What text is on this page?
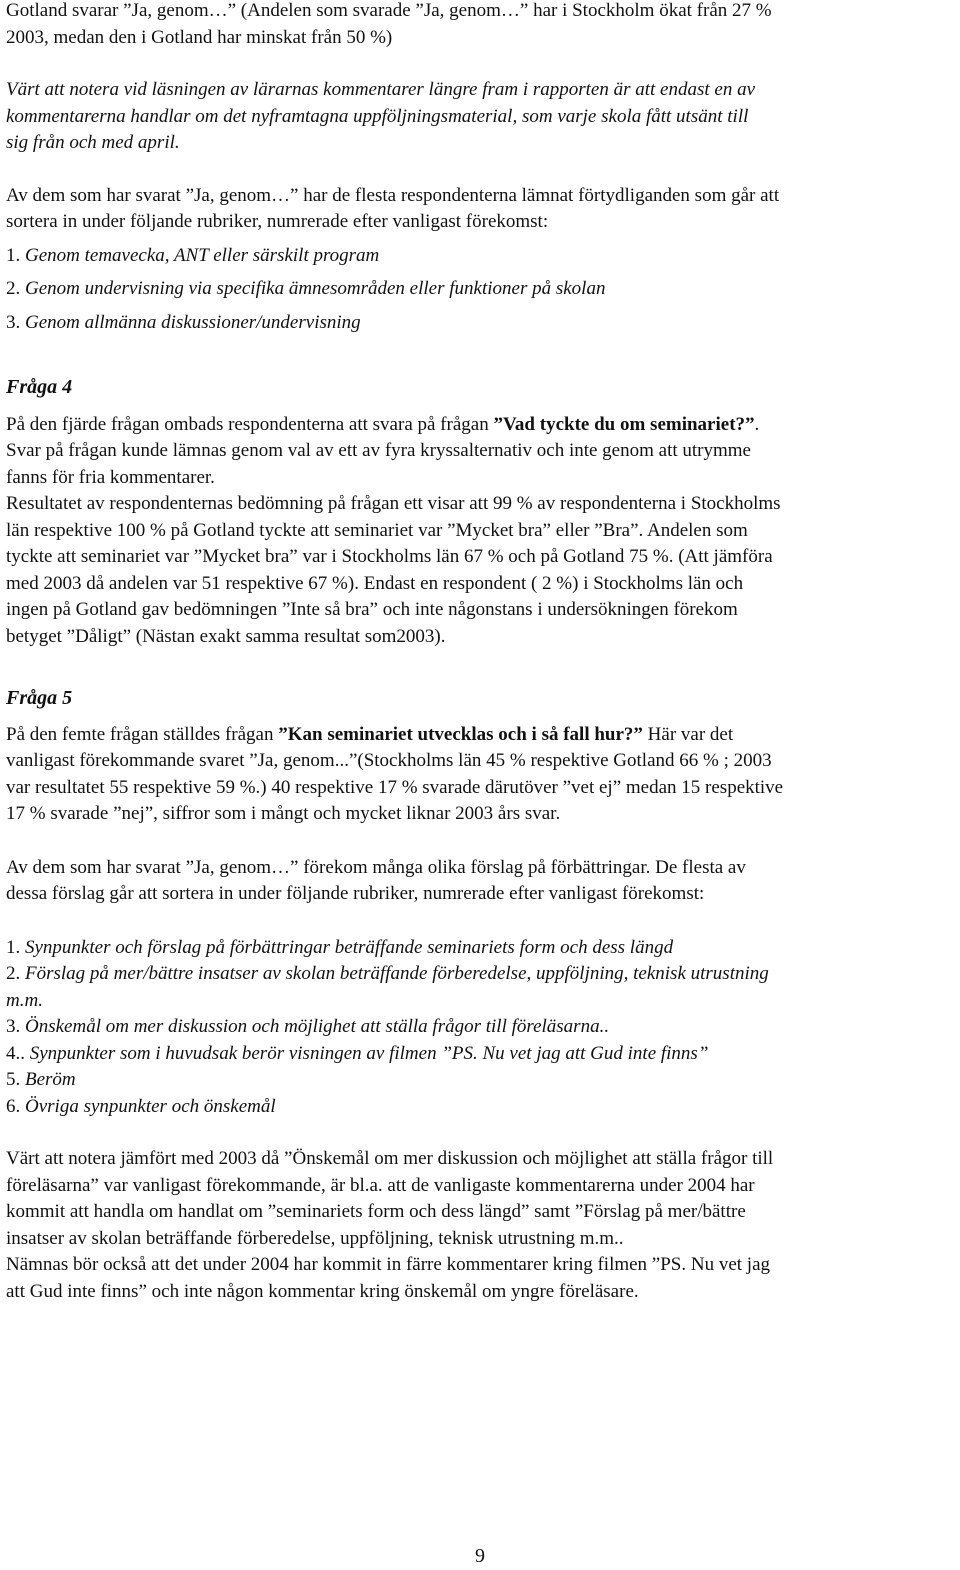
Gotland svarar ”Ja, genom…” (Andelen som svarade ”Ja, genom…” har i Stockholm ökat från 27 %
2003, medan den i Gotland har minskat från 50 %)

Värt att notera vid läsningen av lärarnas kommentarer längre fram i rapporten är att endast en av
kommentarerna handlar om det nyframtagna uppföljningsmaterial, som varje skola fått utsänt till
sig från och med april.

Av dem som har svarat ”Ja, genom…” har de flesta respondenterna lämnat förtydliganden som går att
sortera in under följande rubriker, numrerade efter vanligast förekomst:

1. Genom temavecka, ANT eller särskilt program

2. Genom undervisning via specifika ämnesområden eller funktioner på skolan

3. Genom allmänna diskussioner/undervisning

Fråga 4

På den fjärde frågan ombads respondenterna att svara på frågan ”Vad tyckte du om seminariet?”.
Svar på frågan kunde lämnas genom val av ett av fyra kryssalternativ och inte genom att utrymme
fanns för fria kommentarer.
Resultatet av respondenternas bedömning på frågan ett visar att 99 % av respondenterna i Stockholms
län respektive 100 % på Gotland tyckte att seminariet var ”Mycket bra” eller ”Bra”. Andelen som
tyckte att seminariet var ”Mycket bra” var i Stockholms län 67 % och på Gotland 75 %. (Att jämföra
med 2003 då andelen var 51 respektive 67 %). Endast en respondent ( 2 %) i Stockholms län och
ingen på Gotland gav bedömningen ”Inte så bra” och inte någonstans i undersökningen förekom
betyget ”Dåligt” (Nästan exakt samma resultat som2003).

Fråga 5

På den femte frågan ställdes frågan ”Kan seminariet utvecklas och i så fall hur?” Här var det
vanligast förekommande svaret ”Ja, genom...”(Stockholms län 45 % respektive Gotland 66 % ; 2003
var resultatet 55 respektive 59 %.) 40 respektive 17 % svarade därutöver ”vet ej” medan 15 respektive
17 % svarade ”nej”, siffror som i mångt och mycket liknar 2003 års svar.

Av dem som har svarat ”Ja, genom…” förekom många olika förslag på förbättringar. De flesta av
dessa förslag går att sortera in under följande rubriker, numrerade efter vanligast förekomst:

1. Synpunkter och förslag på förbättringar beträffande seminariets form och dess längd

2. Förslag på mer/bättre insatser av skolan beträffande förberedelse, uppföljning, teknisk utrustning

m.m.

3. Önskemål om mer diskussion och möjlighet att ställa frågor till föreläsarna..

4.. Synpunkter som i huvudsak berör visningen av filmen ”PS. Nu vet jag att Gud inte finns”

5. Beröm

6. Övriga synpunkter och önskemål

Värt att notera jämfört med 2003 då ”Önskemål om mer diskussion och möjlighet att ställa frågor till
föreläsarna” var vanligast förekommande, är bl.a. att de vanligaste kommentarerna under 2004 har
kommit att handla om handlat om ”seminariets form och dess längd” samt ”Förslag på mer/bättre
insatser av skolan beträffande förberedelse, uppföljning, teknisk utrustning m.m..
Nämnas bör också att det under 2004 har kommit in färre kommentarer kring filmen ”PS. Nu vet jag
att Gud inte finns” och inte någon kommentar kring önskemål om yngre föreläsare.

9
